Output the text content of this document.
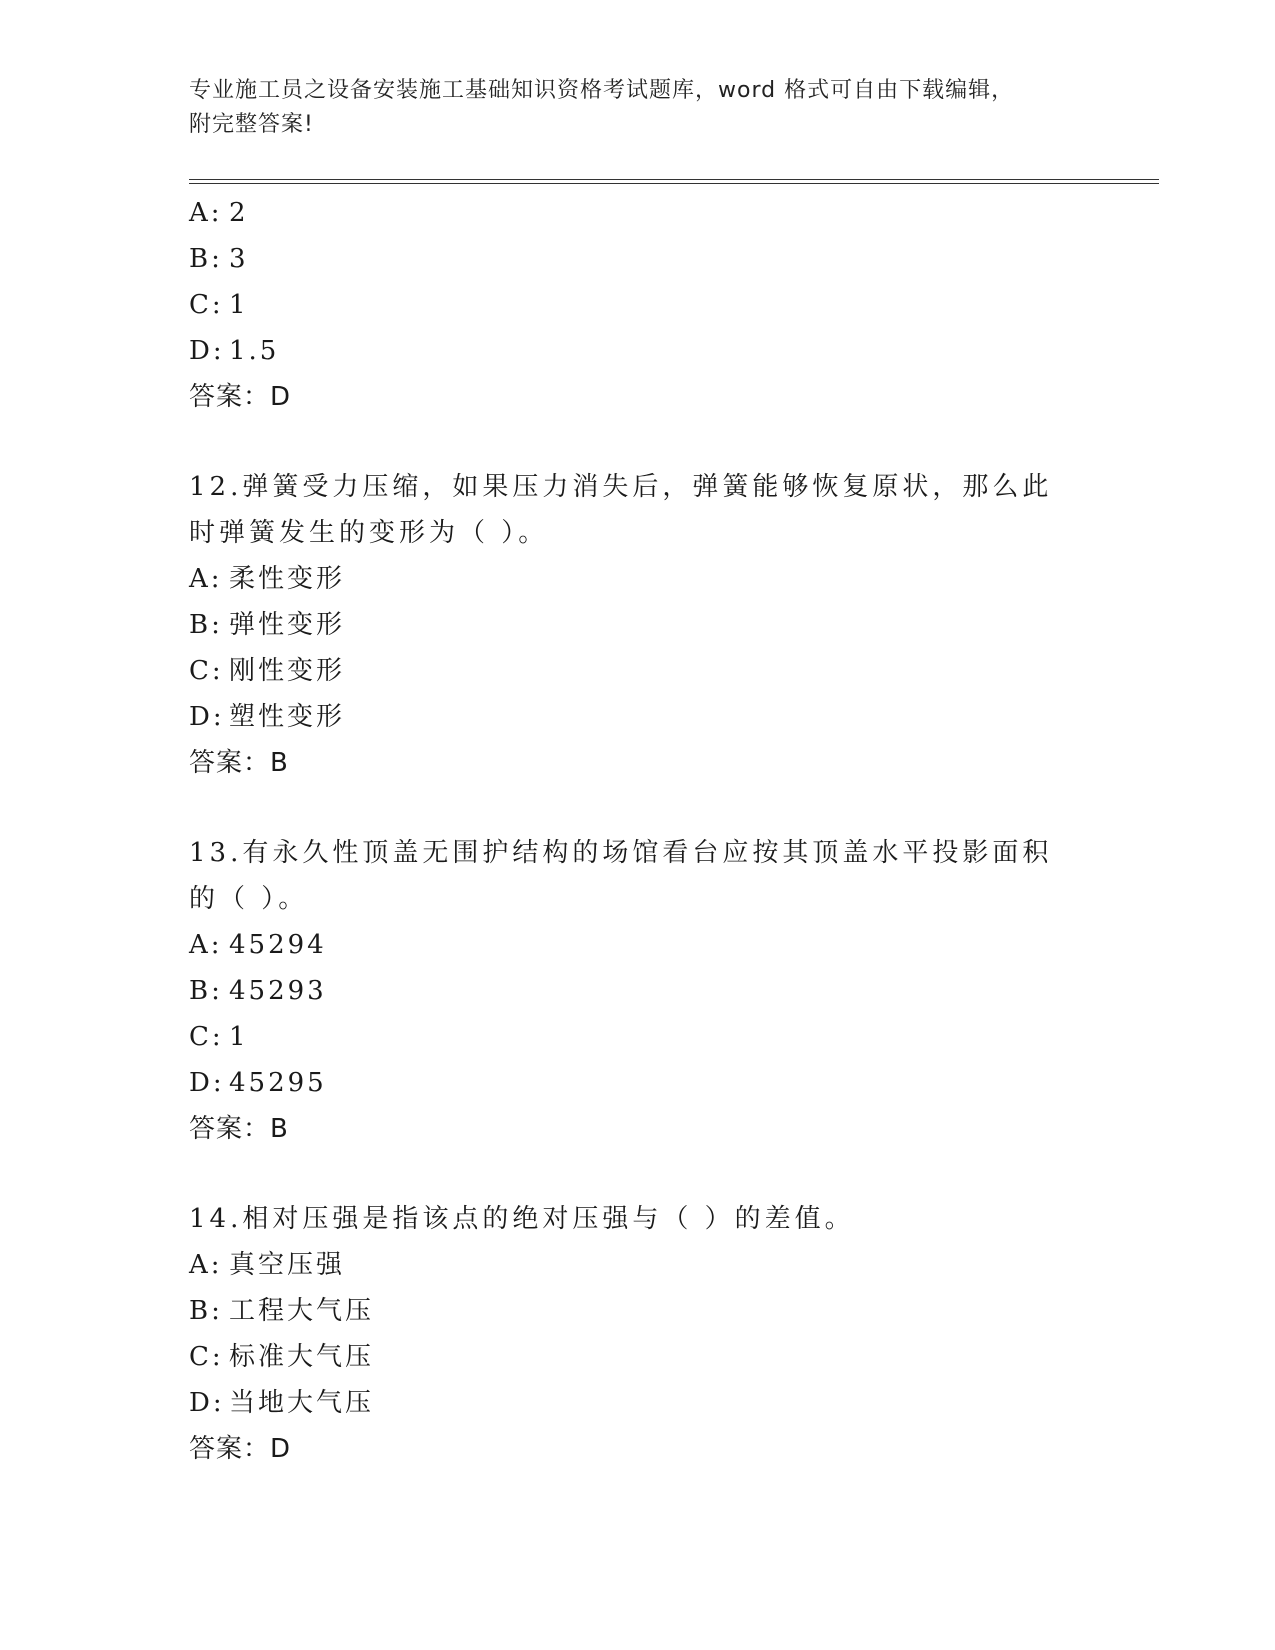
专业施工员之设备安装施工基础知识资格考试题库，word 格式可自由下载编辑，
附完整答案!
A: 2
B: 3
C: 1
D: 1.5
答案：D
12.弹簧受力压缩，如果压力消失后，弹簧能够恢复原状，那么此时弹簧发生的变形为（ ）。
A: 柔性变形
B: 弹性变形
C: 刚性变形
D: 塑性变形
答案：B
13.有永久性顶盖无围护结构的场馆看台应按其顶盖水平投影面积的（ ）。
A: 45294
B: 45293
C: 1
D: 45295
答案：B
14.相对压强是指该点的绝对压强与（ ）的差值。
A: 真空压强
B: 工程大气压
C: 标准大气压
D: 当地大气压
答案：D
